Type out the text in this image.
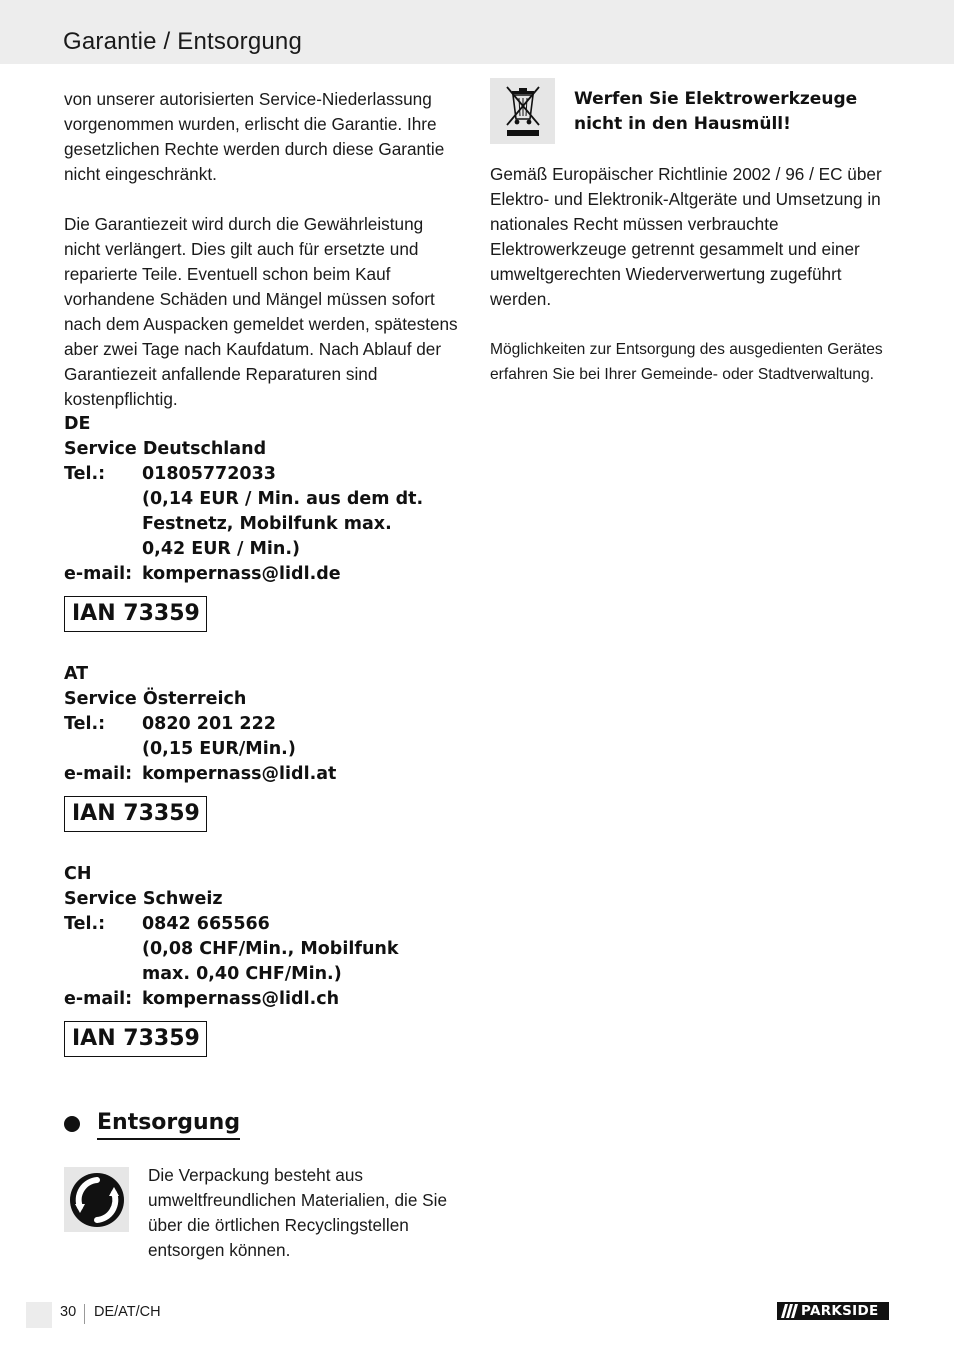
Garantie / Entsorgung

von unserer autorisierten Service-Niederlassung vorgenommen wurden, erlischt die Garantie. Ihre gesetzlichen Rechte werden durch diese Garantie nicht eingeschränkt.

Die Garantiezeit wird durch die Gewährleistung nicht verlängert. Dies gilt auch für ersetzte und reparierte Teile. Eventuell schon beim Kauf vorhandene Schäden und Mängel müssen sofort nach dem Auspacken gemeldet werden, spätestens aber zwei Tage nach Kaufdatum. Nach Ablauf der Garantiezeit anfallende Reparaturen sind kostenpflichtig.

DE
Service Deutschland
Tel.:	01805772033
(0,14 EUR / Min. aus dem dt.
Festnetz, Mobilfunk max.
0,42 EUR / Min.)
e-mail: kompernass@lidl.de
IAN 73359
AT
Service Österreich
Tel.:	0820 201 222
(0,15 EUR/Min.)
e-mail: kompernass@lidl.at
IAN 73359
CH
Service Schweiz
Tel.:	0842 665566
(0,08 CHF/Min., Mobilfunk
max. 0,40 CHF/Min.)
e-mail: kompernass@lidl.ch
IAN 73359
Entsorgung

Die Verpackung besteht aus umweltfreundlichen Materialien, die Sie über die örtlichen Recyclingstellen entsorgen können.

Werfen Sie Elektrowerkzeuge nicht in den Hausmüll!

Gemäß Europäischer Richtlinie 2002 / 96 / EC über Elektro- und Elektronik-Altgeräte und Umsetzung in nationales Recht müssen verbrauchte Elektrowerkzeuge getrennt gesammelt und einer umweltgerechten Wiederverwertung zugeführt werden.

Möglichkeiten zur Entsorgung des ausgedienten Gerätes erfahren Sie bei Ihrer Gemeinde- oder Stadtverwaltung.

30 DE/AT/CH	PARKSIDE
